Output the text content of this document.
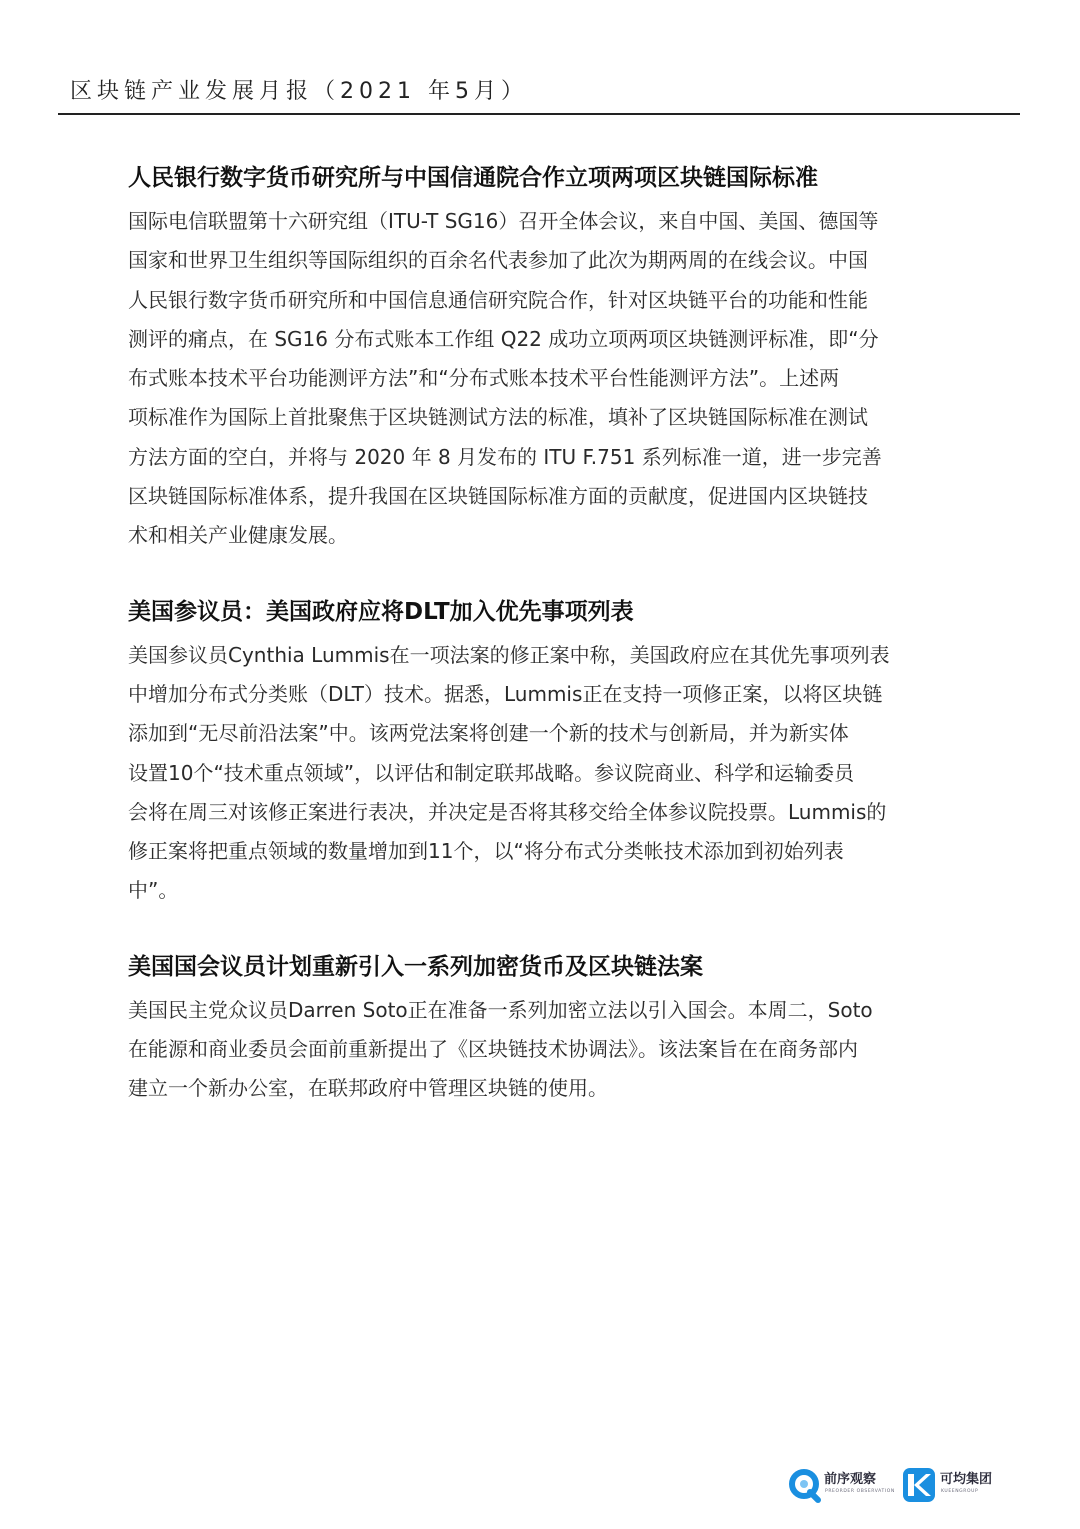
区块链产业发展月报（2021 年5月）
人民银行数字货币研究所与中国信通院合作立项两项区块链国际标准
国际电信联盟第十六研究组（ITU-T SG16）召开全体会议，来自中国、美国、德国等
国家和世界卫生组织等国际组织的百余名代表参加了此次为期两周的在线会议。中国
人民银行数字货币研究所和中国信息通信研究院合作，针对区块链平台的功能和性能
测评的痛点，在 SG16 分布式账本工作组 Q22 成功立项两项区块链测评标准，即“分
布式账本技术平台功能测评方法”和“分布式账本技术平台性能测评方法”。上述两
项标准作为国际上首批聚焦于区块链测试方法的标准，填补了区块链国际标准在测试
方法方面的空白，并将与 2020 年 8 月发布的 ITU F.751 系列标准一道，进一步完善
区块链国际标准体系，提升我国在区块链国际标准方面的贡献度，促进国内区块链技
术和相关产业健康发展。
美国参议员：美国政府应将DLT加入优先事项列表
美国参议员Cynthia Lummis在一项法案的修正案中称，美国政府应在其优先事项列表
中增加分布式分类账（DLT）技术。据悉，Lummis正在支持一项修正案，以将区块链
添加到“无尽前沿法案”中。该两党法案将创建一个新的技术与创新局，并为新实体
设置10个“技术重点领域”，以评估和制定联邦战略。参议院商业、科学和运输委员
会将在周三对该修正案进行表决，并决定是否将其移交给全体参议院投票。Lummis的
修正案将把重点领域的数量增加到11个，以“将分布式分类帐技术添加到初始列表
中”。
美国国会议员计划重新引入一系列加密货币及区块链法案
美国民主党众议员Darren Soto正在准备一系列加密立法以引入国会。本周二，Soto
在能源和商业委员会面前重新提出了《区块链技术协调法》。该法案旨在在商务部内
建立一个新办公室，在联邦政府中管理区块链的使用。
前序观察
PREORDER OBSERVATION
可均集团
KUEENGROUP
